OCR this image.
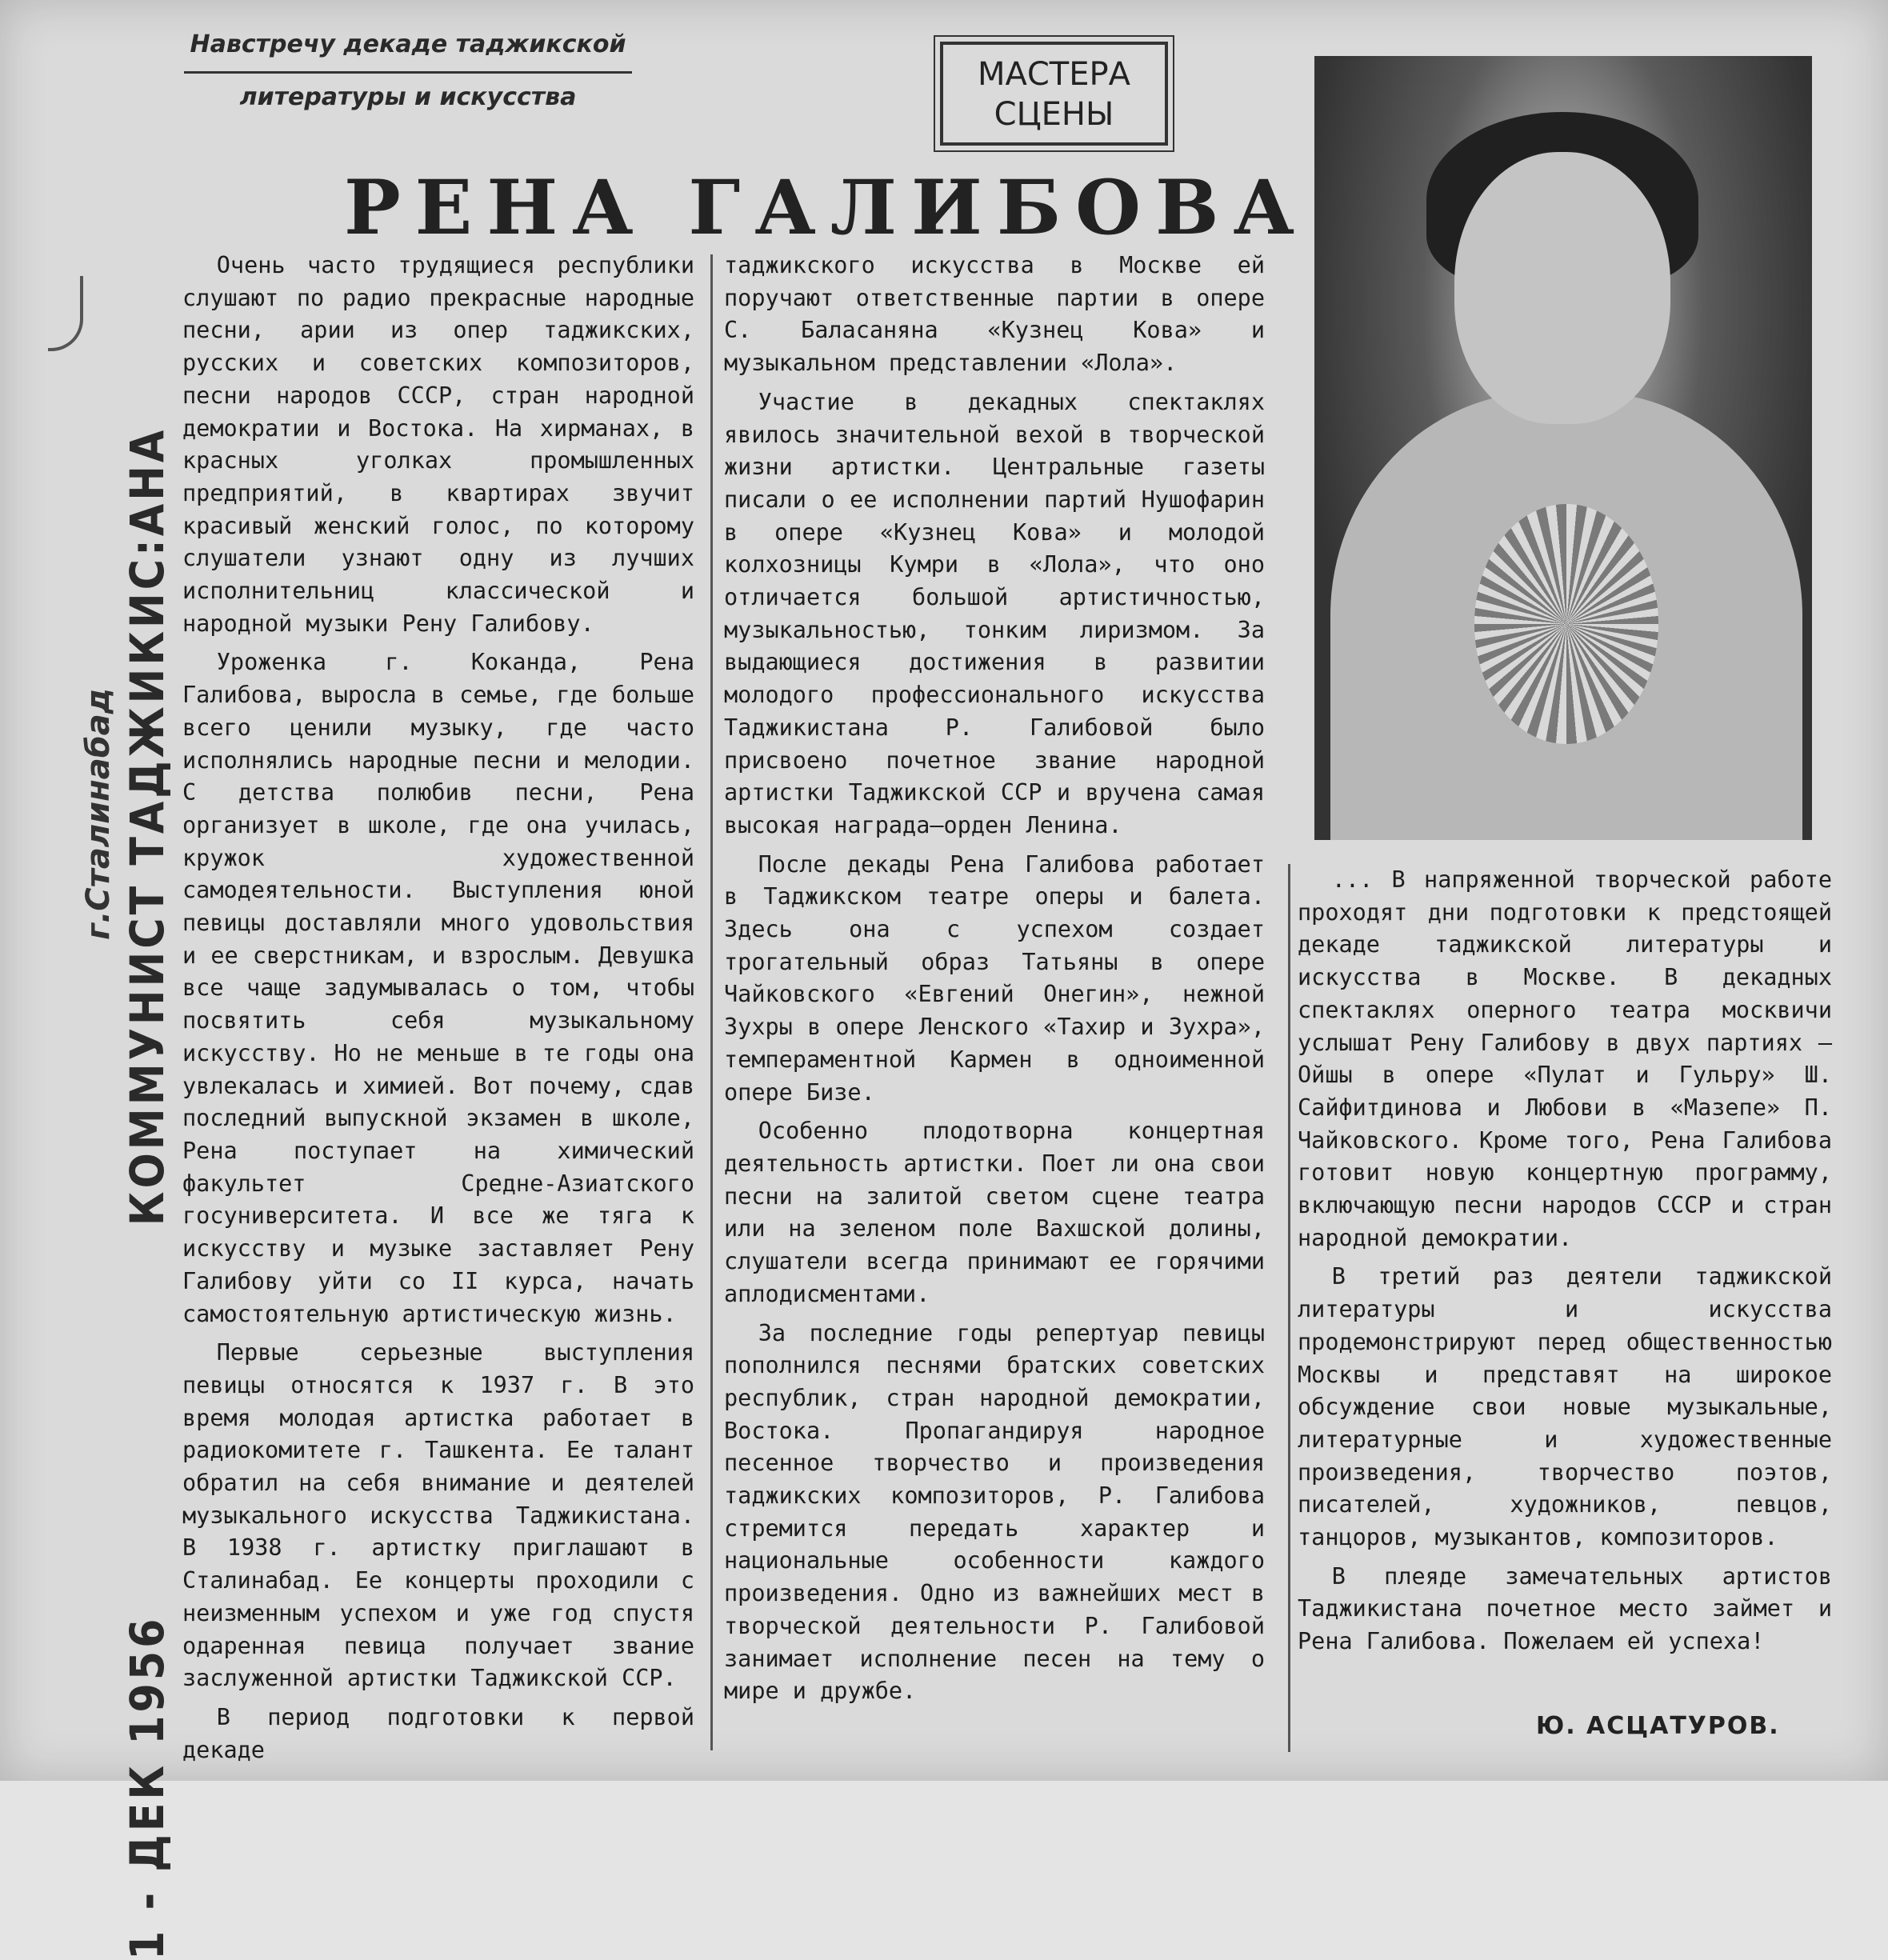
1 - ДЕК 1956                      КОММУНИСТ ТАДЖИКИС:АНА
г.Сталинабад
Навстречу декаде таджикской
литературы и искусства
МАСТЕРА
СЦЕНЫ
РЕНА ГАЛИБОВА

Очень часто трудящиеся республики слушают по радио прекрасные народные песни, арии из опер таджикских, русских и советских композиторов, песни народов СССР, стран народной демократии и Востока. На хирманах, в красных уголках промышленных предприятий, в квартирах звучит красивый женский голос, по которому слушатели узнают одну из лучших исполнительниц классической и народной музыки Рену Галибову.

Уроженка г. Коканда, Рена Галибова, выросла в семье, где больше всего ценили музыку, где часто исполнялись народные песни и мелодии. С детства полюбив песни, Рена организует в школе, где она училась, кружок художественной самодеятельности. Выступления юной певицы доставляли много удовольствия и ее сверстникам, и взрослым. Девушка все чаще задумывалась о том, чтобы посвятить себя музыкальному искусству. Но не меньше в те годы она увлекалась и химией. Вот почему, сдав последний выпускной экзамен в школе, Рена поступает на химический факультет Средне-Азиатского госуниверситета. И все же тяга к искусству и музыке заставляет Рену Галибову уйти со II курса, начать самостоятельную артистическую жизнь.

Первые серьезные выступления певицы относятся к 1937 г. В это время молодая артистка работает в радиокомитете г. Ташкента. Ее талант обратил на себя внимание и деятелей музыкального искусства Таджикистана. В 1938 г. артистку приглашают в Сталинабад. Ее концерты проходили с неизменным успехом и уже год спустя одаренная певица получает звание заслуженной артистки Таджикской ССР.

В период подготовки к первой декаде

таджикского искусства в Москве ей поручают ответственные партии в опере С. Баласаняна «Кузнец Кова» и музыкальном представлении «Лола».

Участие в декадных спектаклях явилось значительной вехой в творческой жизни артистки. Центральные газеты писали о ее исполнении партий Нушофарин в опере «Кузнец Кова» и молодой колхозницы Кумри в «Лола», что оно отличается большой артистичностью, музыкальностью, тонким лиризмом. За выдающиеся достижения в развитии молодого профессионального искусства Таджикистана Р. Галибовой было присвоено почетное звание народной артистки Таджикской ССР и вручена самая высокая награда—орден Ленина.

После декады Рена Галибова работает в Таджикском театре оперы и балета. Здесь она с успехом создает трогательный образ Татьяны в опере Чайковского «Евгений Онегин», нежной Зухры в опере Ленского «Тахир и Зухра», темпераментной Кармен в одноименной опере Бизе.

Особенно плодотворна концертная деятельность артистки. Поет ли она свои песни на залитой светом сцене театра или на зеленом поле Вахшской долины, слушатели всегда принимают ее горячими аплодисментами.

За последние годы репертуар певицы пополнился песнями братских советских республик, стран народной демократии, Востока. Пропагандируя народное песенное творчество и произведения таджикских композиторов, Р. Галибова стремится передать характер и национальные особенности каждого произведения. Одно из важнейших мест в творческой деятельности Р. Галибовой занимает исполнение песен на тему о мире и дружбе.

... В напряженной творческой работе проходят дни подготовки к предстоящей декаде таджикской литературы и искусства в Москве. В декадных спектаклях оперного театра москвичи услышат Рену Галибову в двух партиях — Ойшы в опере «Пулат и Гульру» Ш. Сайфитдинова и Любови в «Мазепе» П. Чайковского. Кроме того, Рена Галибова готовит новую концертную программу, включающую песни народов СССР и стран народной демократии.

В третий раз деятели таджикской литературы и искусства продемонстрируют перед общественностью Москвы и представят на широкое обсуждение свои новые музыкальные, литературные и художественные произведения, творчество поэтов, писателей, художников, певцов, танцоров, музыкантов, композиторов.

В плеяде замечательных артистов Таджикистана почетное место займет и Рена Галибова. Пожелаем ей успеха!

Ю. АСЦАТУРОВ.
